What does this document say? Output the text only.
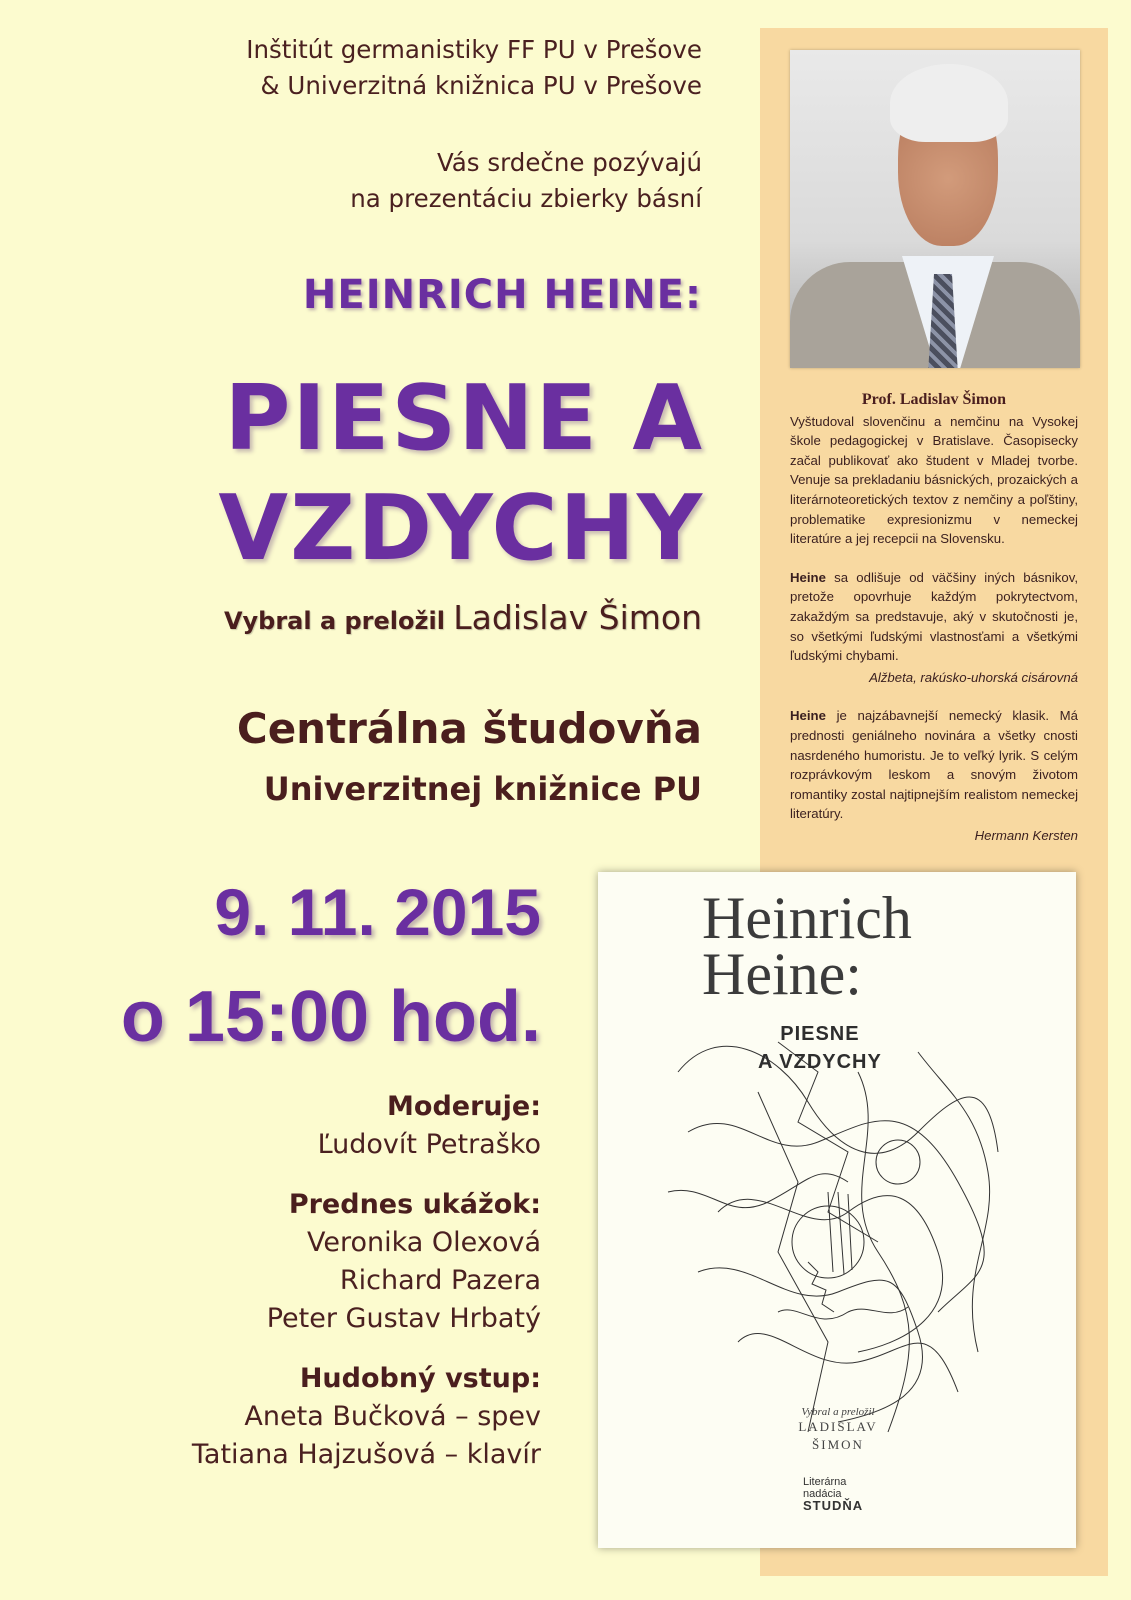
Prof. Ladislav Šimon

Vyštudoval slovenčinu a nemčinu na Vysokej škole pedagogickej v Bratislave. Časopisecky začal publikovať ako študent v Mladej tvorbe. Venuje sa prekladaniu básnických, prozaických a literárnoteoretických textov z nemčiny a poľštiny, problematike expresionizmu v nemeckej literatúre a jej recepcii na Slovensku.

Heine sa odlišuje od väčšiny iných básnikov, pretože opovrhuje každým pokrytectvom, zakaždým sa predstavuje, aký v skutočnosti je, so všetkými ľudskými vlastnosťami a všetkými ľudskými chybami.
Alžbeta, rakúsko-uhorská cisárovná

Heine je najzábavnejší nemecký klasik. Má prednosti geniálneho novinára a všetky cnosti nasrdeného humoristu. Je to veľký lyrik. S celým rozprávkovým leskom a snovým životom romantiky zostal najtipnejším realistom nemeckej literatúry.
Hermann Kersten

Heinrich
Heine:
PIESNE
A VZDYCHY
Vybral a preložil
LADISLAV
ŠIMON
Literárna
nadácia
STUDŇA
Inštitút germanistiky FF PU v Prešove
& Univerzitná knižnica PU v Prešove
Vás srdečne pozývajú
na prezentáciu zbierky básní
HEINRICH HEINE:
PIESNE A
VZDYCHY
Vybral a preložil Ladislav Šimon
Centrálna študovňa
Univerzitnej knižnice PU
9. 11. 2015
o 15:00 hod.
Moderuje:
Ľudovít Petraško
Prednes ukážok:
Veronika Olexová
Richard Pazera
Peter Gustav Hrbatý
Hudobný vstup:
Aneta Bučková – spev
Tatiana Hajzušová – klavír
